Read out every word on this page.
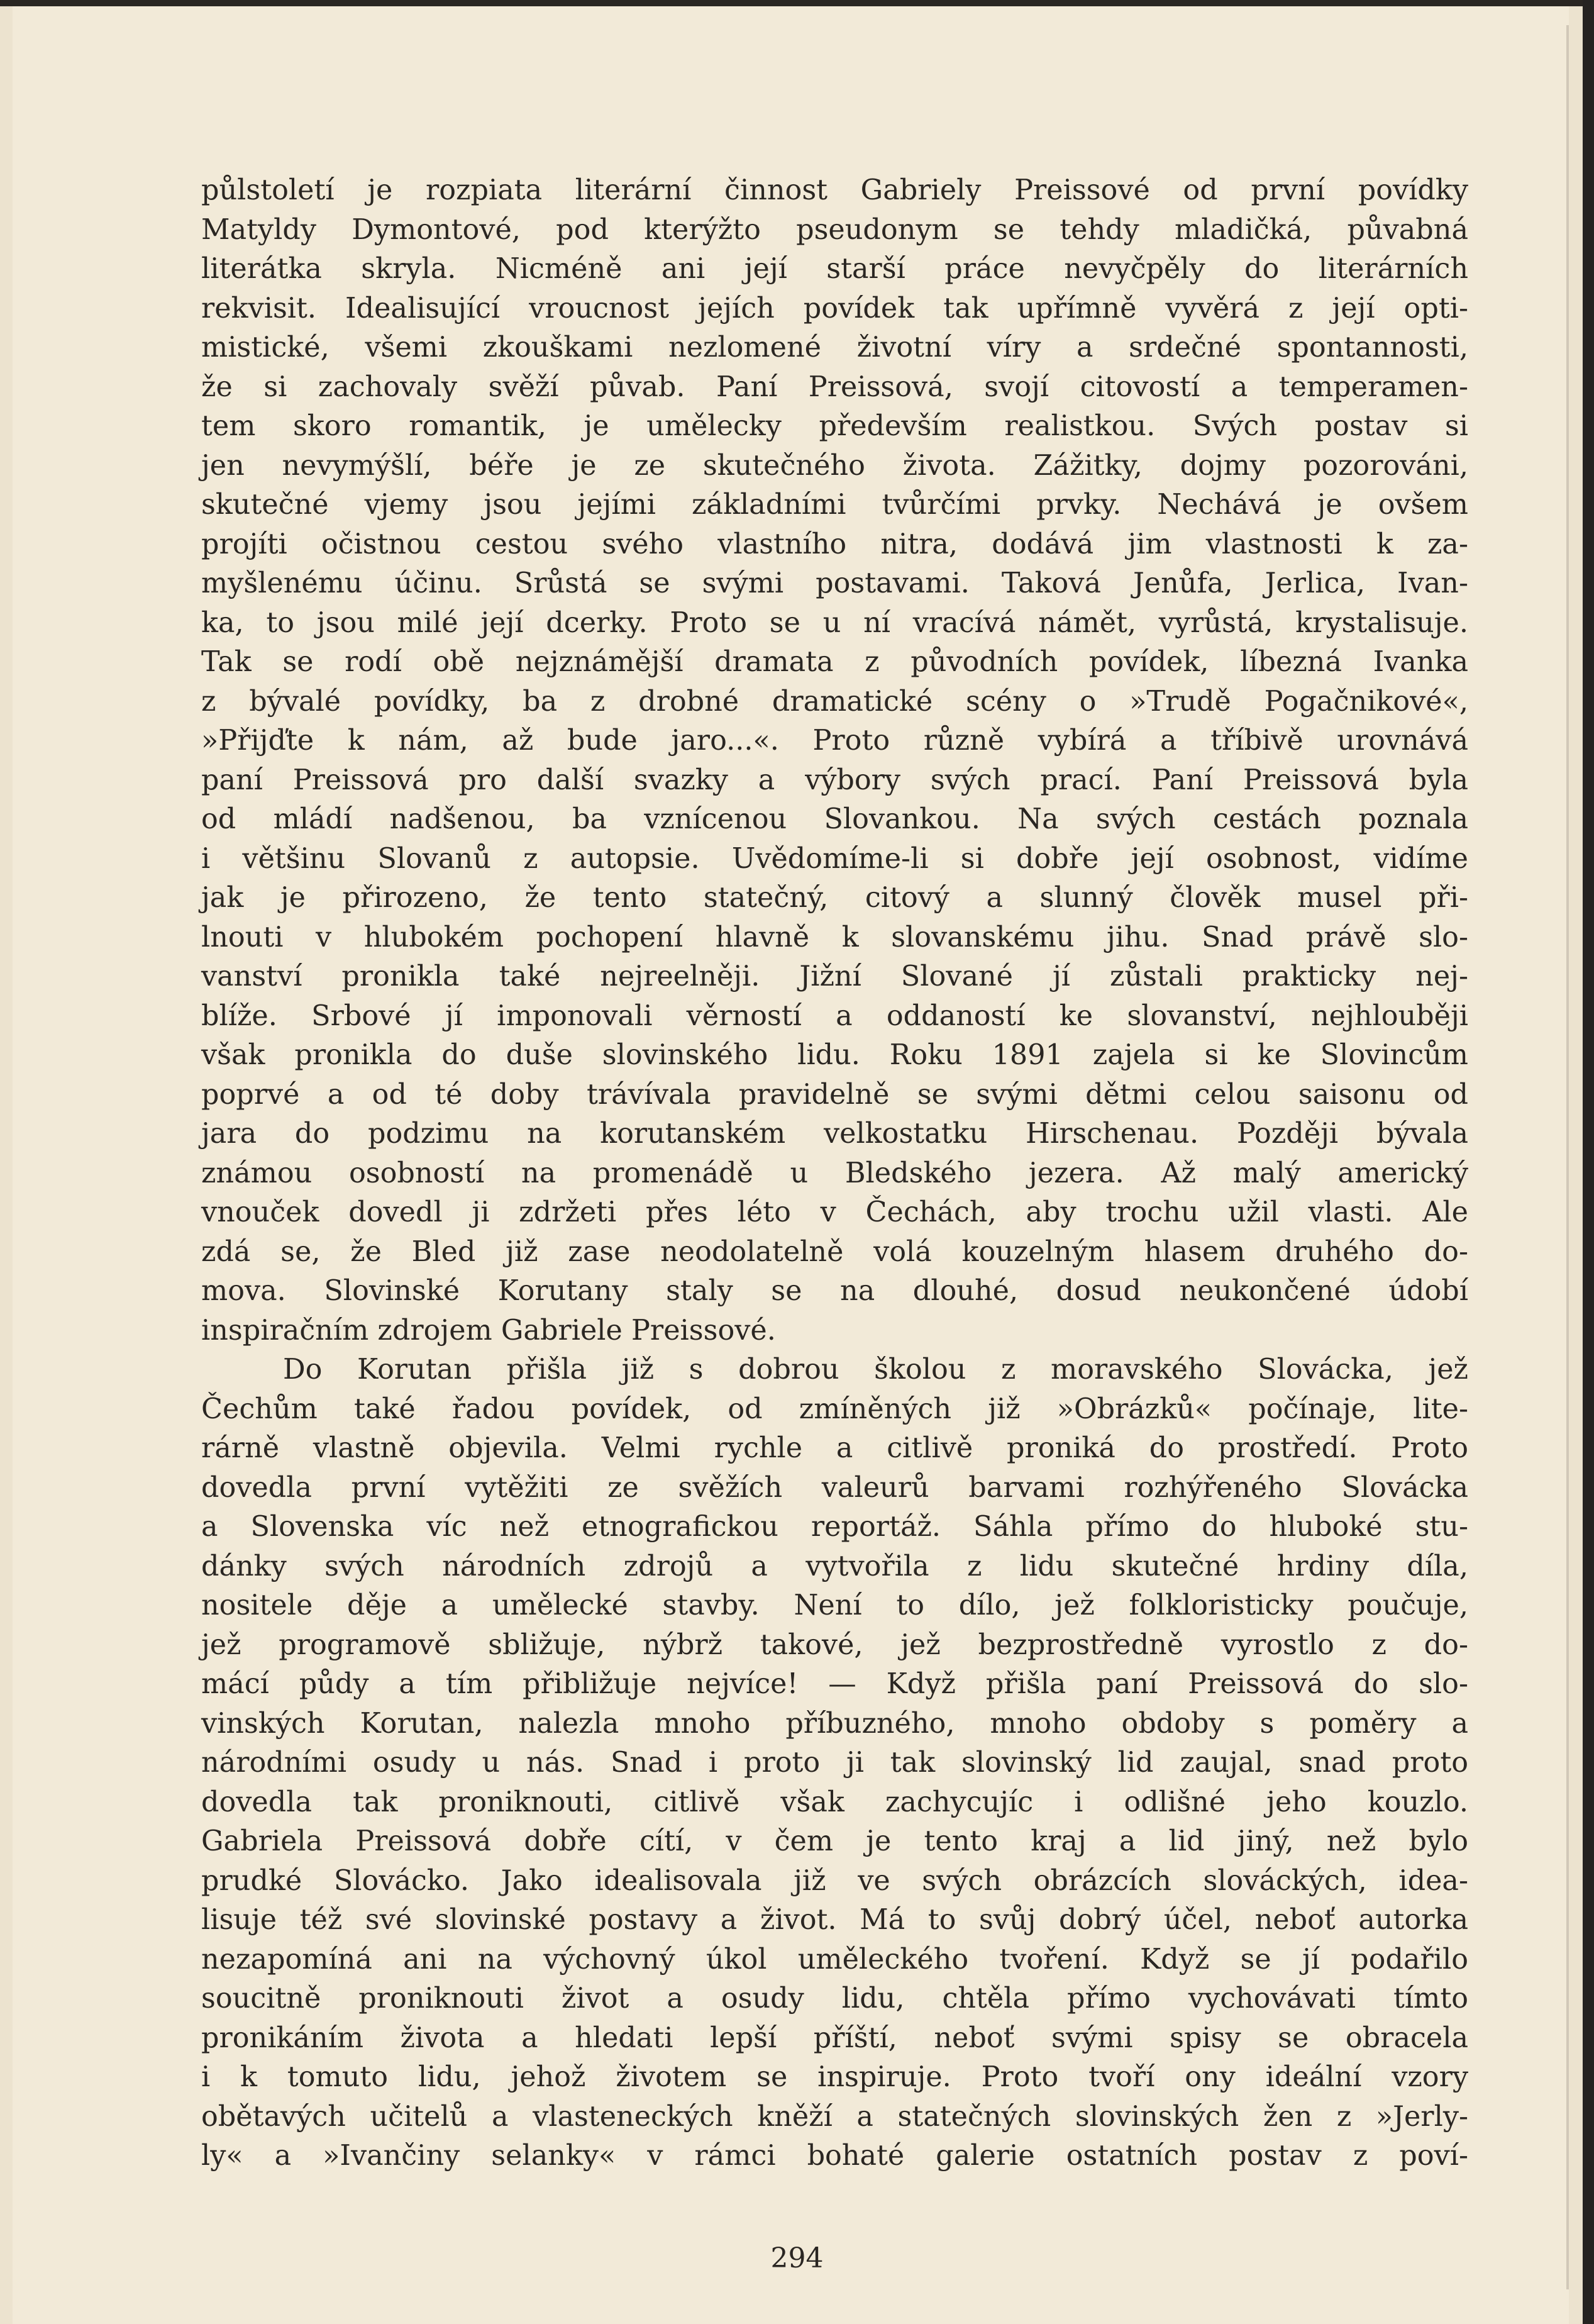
půlstoletí je rozpiata literární činnost Gabriely Preissové od první povídky
Matyldy Dymontové, pod kterýžto pseudonym se tehdy mladičká, půvabná
literátka skryla. Nicméně ani její starší práce nevyčpěly do literárních
rekvisit. Idealisující vroucnost jejích povídek tak upřímně vyvěrá z její opti-
mistické, všemi zkouškami nezlomené životní víry a srdečné spontannosti,
že si zachovaly svěží půvab. Paní Preissová, svojí citovostí a temperamen-
tem skoro romantik, je umělecky především realistkou. Svých postav si
jen nevymýšlí, béře je ze skutečného života. Zážitky, dojmy pozorováni,
skutečné vjemy jsou jejími základními tvůrčími prvky. Nechává je ovšem
projíti očistnou cestou svého vlastního nitra, dodává jim vlastnosti k za-
myšlenému účinu. Srůstá se svými postavami. Taková Jenůfa, Jerlica, Ivan-
ka, to jsou milé její dcerky. Proto se u ní vracívá námět, vyrůstá, krystalisuje.
Tak se rodí obě nejznámější dramata z původních povídek, líbezná Ivanka
z bývalé povídky, ba z drobné dramatické scény o »Trudě Pogačnikové«,
»Přijďte k nám, až bude jaro...«. Proto různě vybírá a tříbivě urovnává
paní Preissová pro další svazky a výbory svých prací. Paní Preissová byla
od mládí nadšenou, ba vznícenou Slovankou. Na svých cestách poznala
i většinu Slovanů z autopsie. Uvědomíme-li si dobře její osobnost, vidíme
jak je přirozeno, že tento statečný, citový a slunný člověk musel při-
lnouti v hlubokém pochopení hlavně k slovanskému jihu. Snad právě slo-
vanství pronikla také nejreelněji. Jižní Slované jí zůstali prakticky nej-
blíže. Srbové jí imponovali věrností a oddaností ke slovanství, nejhlouběji
však pronikla do duše slovinského lidu. Roku 1891 zajela si ke Slovincům
poprvé a od té doby trávívala pravidelně se svými dětmi celou saisonu od
jara do podzimu na korutanském velkostatku Hirschenau. Později bývala
známou osobností na promenádě u Bledského jezera. Až malý americký
vnouček dovedl ji zdržeti přes léto v Čechách, aby trochu užil vlasti. Ale
zdá se, že Bled již zase neodolatelně volá kouzelným hlasem druhého do-
mova. Slovinské Korutany staly se na dlouhé, dosud neukončené údobí
inspiračním zdrojem Gabriele Preissové.
Do Korutan přišla již s dobrou školou z moravského Slovácka, jež
Čechům také řadou povídek, od zmíněných již »Obrázků« počínaje, lite-
rárně vlastně objevila. Velmi rychle a citlivě proniká do prostředí. Proto
dovedla první vytěžiti ze svěžích valeurů barvami rozhýřeného Slovácka
a Slovenska víc než etnografickou reportáž. Sáhla přímo do hluboké stu-
dánky svých národních zdrojů a vytvořila z lidu skutečné hrdiny díla,
nositele děje a umělecké stavby. Není to dílo, jež folkloristicky poučuje,
jež programově sbližuje, nýbrž takové, jež bezprostředně vyrostlo z do-
mácí půdy a tím přibližuje nejvíce! — Když přišla paní Preissová do slo-
vinských Korutan, nalezla mnoho příbuzného, mnoho obdoby s poměry a
národními osudy u nás. Snad i proto ji tak slovinský lid zaujal, snad proto
dovedla tak proniknouti, citlivě však zachycujíc i odlišné jeho kouzlo.
Gabriela Preissová dobře cítí, v čem je tento kraj a lid jiný, než bylo
prudké Slovácko. Jako idealisovala již ve svých obrázcích slováckých, idea-
lisuje též své slovinské postavy a život. Má to svůj dobrý účel, neboť autorka
nezapomíná ani na výchovný úkol uměleckého tvoření. Když se jí podařilo
soucitně proniknouti život a osudy lidu, chtěla přímo vychovávati tímto
pronikáním života a hledati lepší příští, neboť svými spisy se obracela
i k tomuto lidu, jehož životem se inspiruje. Proto tvoří ony ideální vzory
obětavých učitelů a vlasteneckých kněží a statečných slovinských žen z »Jerly-
ly« a »Ivančiny selanky« v rámci bohaté galerie ostatních postav z poví-
294
